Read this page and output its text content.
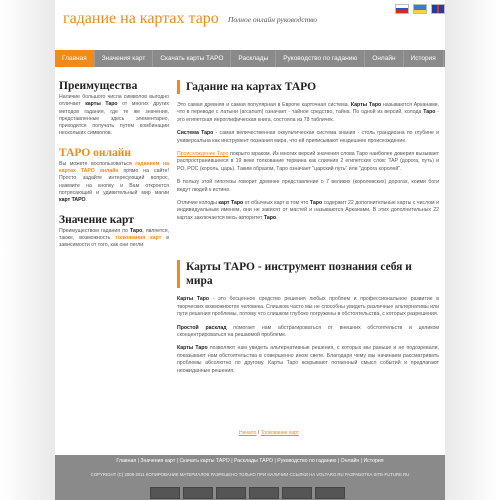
гадание на картах таро Полное онлайн руководство
Главная	Значения карт	Скачать карты ТАРО	Расклады	Руководство по гаданию	Онлайн	История
Преимущества

Наличие большого числа символов выгодно отличает карты Таро от многих других методов гадания, где те же значения, представленные здесь элементарно, приходится получать путем комбинации нескольких символов.

ТАРО онлайн

Вы можете воспользоваться гаданием на картах ТАРО онлайн прямо на сайте! Просто задайте интересующий вопрос, нажмите на кнопку и Вам откроется потрясающий и удивительный мир магии карт ТАРО.

Значение карт

Преимуществом гадания по Таро, является, также, возможность толкования карт в зависимости от того, как они легли.

Гадание на картах ТАРО

Это самая древняя и самая популярная в Европе карточная система. Карты Таро называются Арканами, что в переводе с латыни (arcanum) означает - тайное средство, тайна. По одной из версий, колода Таро - это египетская иероглифическая книга, состояла из 78 табличек.

Система Таро - самая величественная оккультическая система знания - столь грандиозна по глубине и универсальна как инструмент познания мира, что ей приписывают нездешнее происхождение.

Происхождение Таро покрыто мраком. Из многих версий значения слова Таро наиболее доверия вызывает распространившееся в 19 веке толкование термина как слияния 2 египетских слов: TAP (дорога, путь) и РО, РОС (король, царь). Таким образом, Таро означает "царский путь" или "дорога королей".

В пользу этой гипотезы говорит древнее представление о 7 великих (королевских) дорогах, коими боги ведут людей к истине.

Отличие колоды карт Таро от обычных карт в том что Таро содержит 22 дополнительные карты с числом и индивидуальным именем, они не зависят от мастей и называются Арканами. В этих дополнительных 22 картах заключается весь авторитет Таро.

Карты ТАРО - инструмент познания себя и мира

Карты Таро - это бесценное средство решения любых проблем и профессиональное развитие в творческих возможностях человека. Слишком часто мы не способны увидеть различные альтернативы или пути решения проблемы, потому что слишком глубоко погружены в обстоятельства, с которых разрешения.

Простой расклад помогает нам абстрагироваться от внешних обстоятельств и целиком сконцентрироваться на решаемой проблеме.

Карты Таро позволяют нам увидеть альтернативные решения, с которых мы раньше и не подозревали, показывают нам обстоятельства в совершенно ином свете. Благодаря чему мы начинаем рассматривать проблемы абсолютно по другому. Карты Таро вскрывают потаенный смысл событий и предлагают неожиданные решения.

Начало / Толкование карт
Главная | Значения карт | Скачать карты ТАРО | Расклады ТАРО | Руководство по гаданию | Онлайн | История
COPYRIGHT (C) 2008-2011 КОПИРОВАНИЕ МАТЕРИАЛОВ РАЗРЕШЕНО ТОЛЬКО ПРИ НАЛИЧИИ ССЫЛКИ НА VOLTARO.RU РАЗРАБОТКА SITE-FUTURE.RU
